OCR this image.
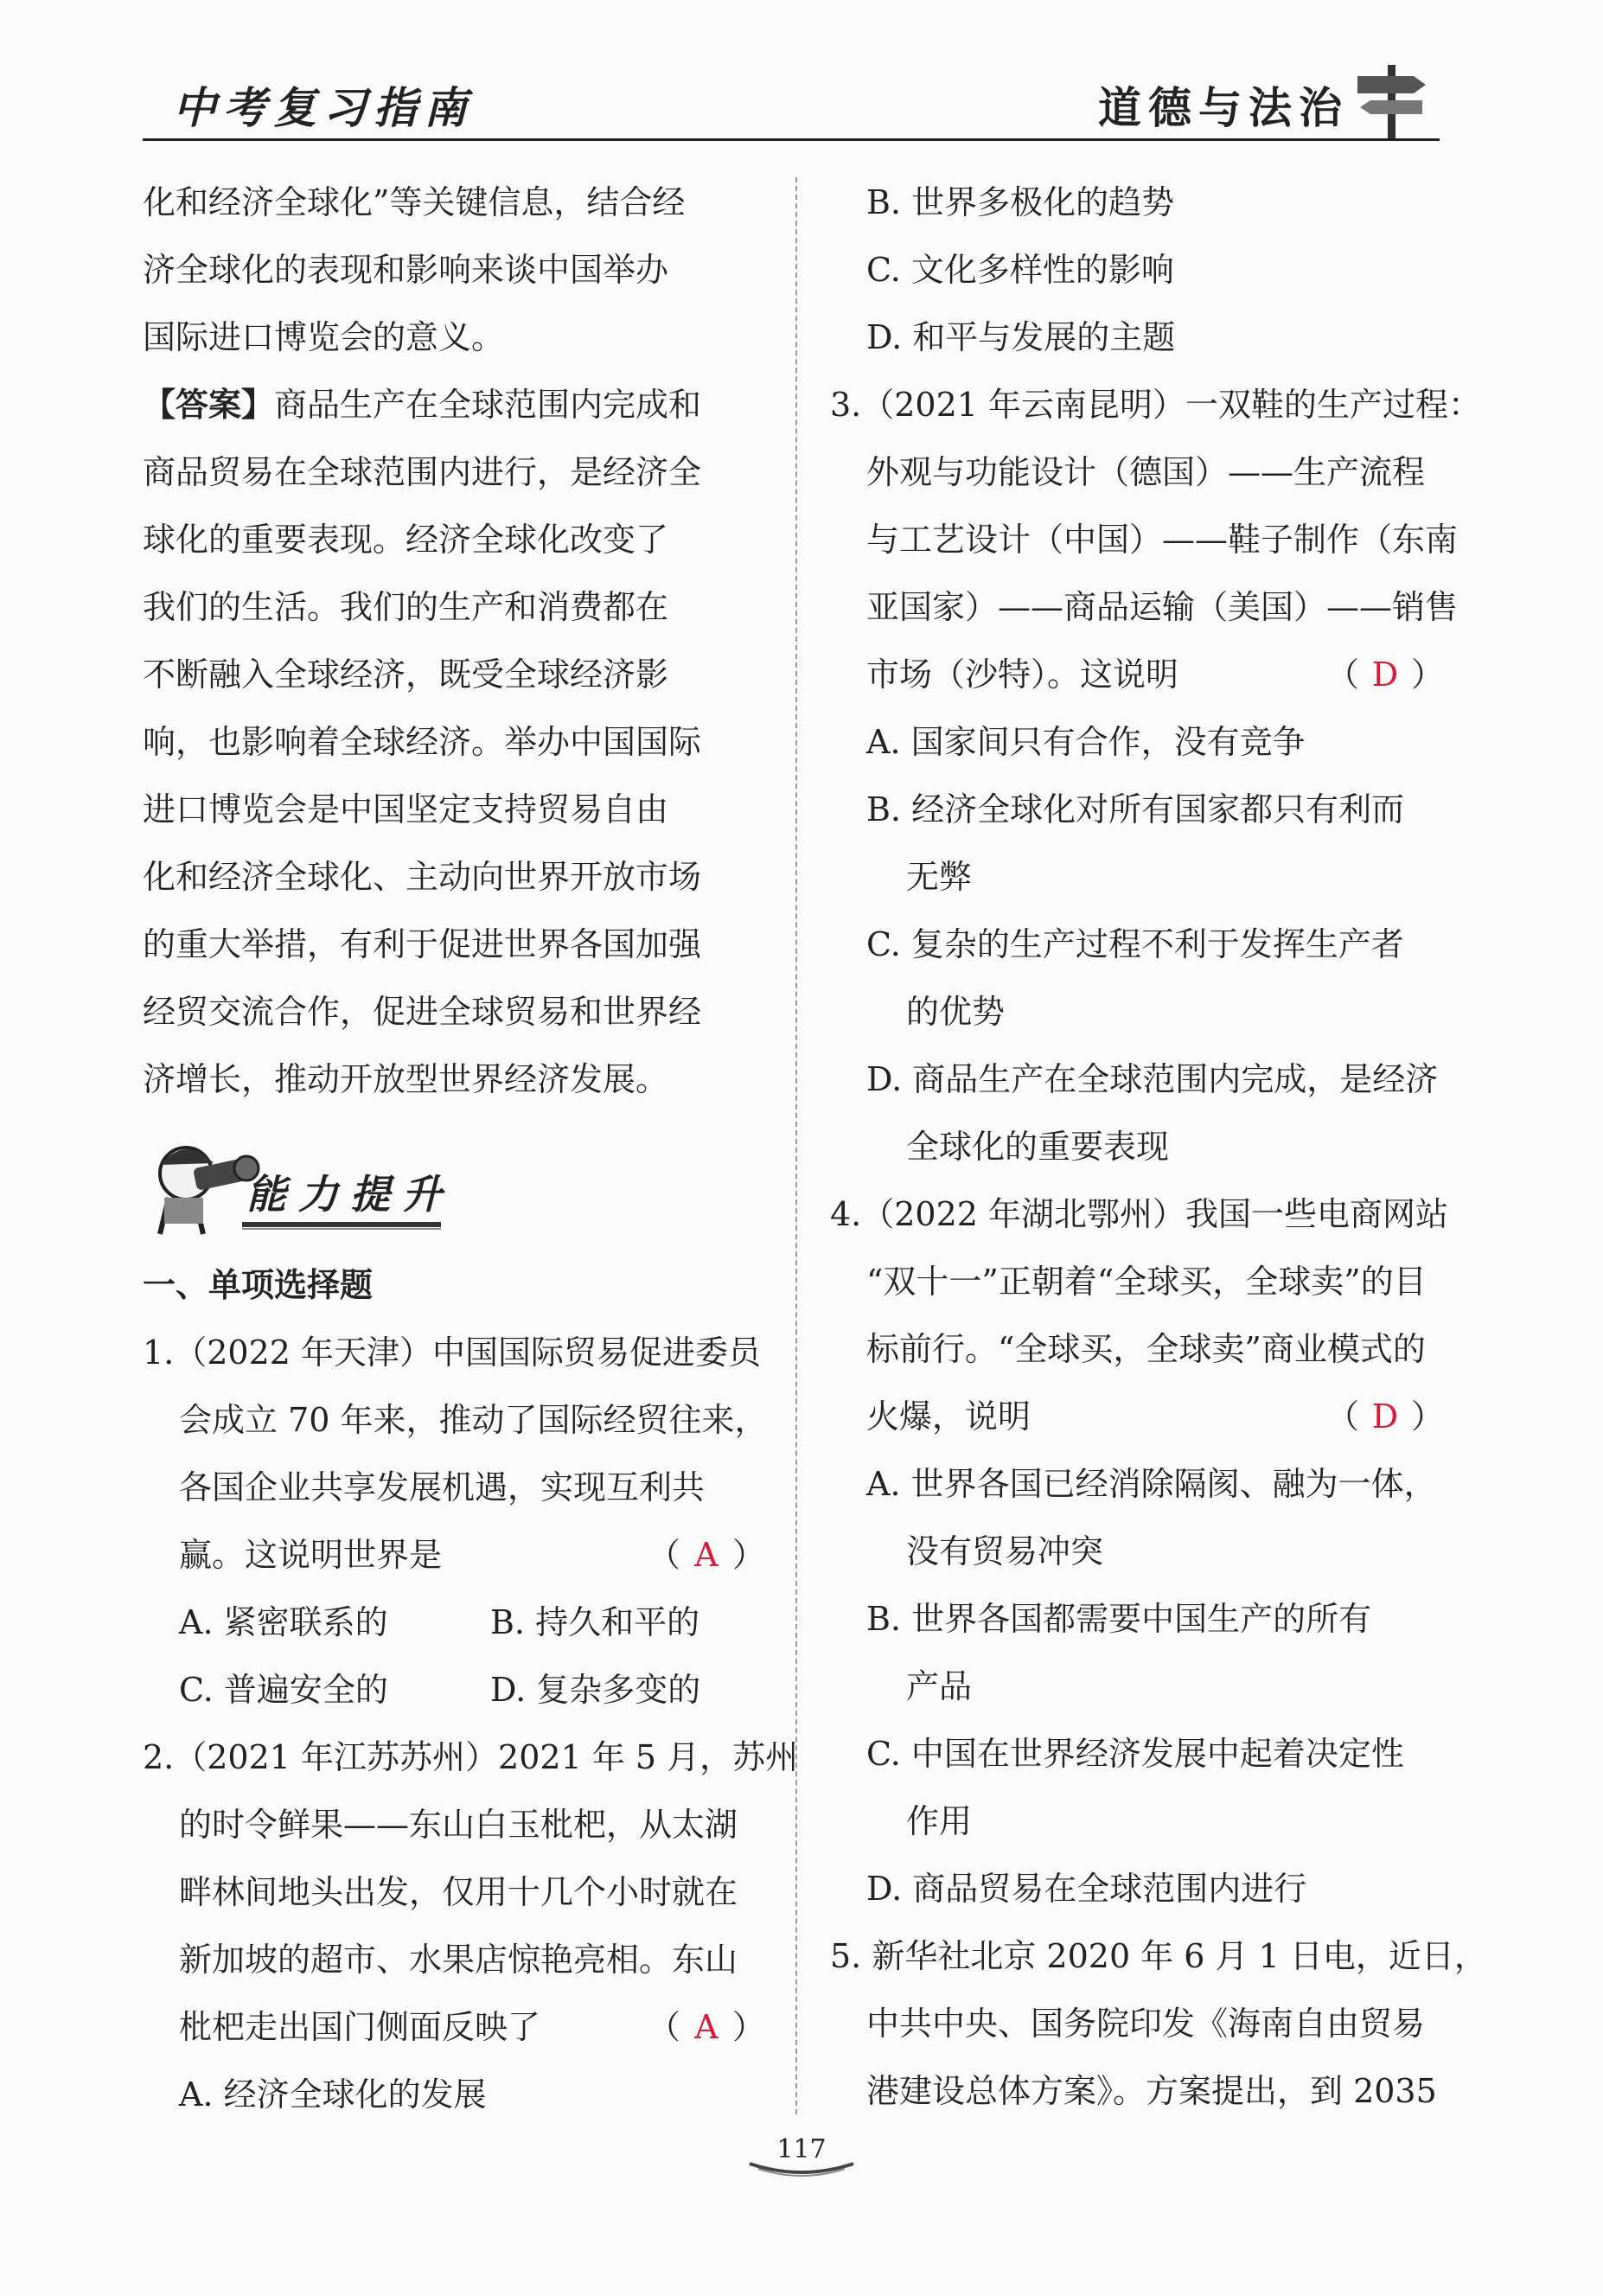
中考复习指南	道德与法治
化和经济全球化”等关键信息，结合经
济全球化的表现和影响来谈中国举办
国际进口博览会的意义。
【答案】商品生产在全球范围内完成和
商品贸易在全球范围内进行，是经济全
球化的重要表现。经济全球化改变了
我们的生活。我们的生产和消费都在
不断融入全球经济，既受全球经济影
响，也影响着全球经济。举办中国国际
进口博览会是中国坚定支持贸易自由
化和经济全球化、主动向世界开放市场
的重大举措，有利于促进世界各国加强
经贸交流合作，促进全球贸易和世界经
济增长，推动开放型世界经济发展。
能力提升
一、单项选择题
1.（2022 年天津）中国国际贸易促进委员
会成立 70 年来，推动了国际经贸往来，
各国企业共享发展机遇，实现互利共
赢。这说明世界是	（ A ）
A. 紧密联系的	B. 持久和平的
C. 普遍安全的	D. 复杂多变的
2.（2021 年江苏苏州）2021 年 5 月，苏州
的时令鲜果——东山白玉枇杷，从太湖
畔林间地头出发，仅用十几个小时就在
新加坡的超市、水果店惊艳亮相。东山
枇杷走出国门侧面反映了	（ A ）
A. 经济全球化的发展
B. 世界多极化的趋势
C. 文化多样性的影响
D. 和平与发展的主题
3.（2021 年云南昆明）一双鞋的生产过程：
外观与功能设计（德国）——生产流程
与工艺设计（中国）——鞋子制作（东南
亚国家）——商品运输（美国）——销售
市场（沙特）。这说明	（ D ）
A. 国家间只有合作，没有竞争
B. 经济全球化对所有国家都只有利而
无弊
C. 复杂的生产过程不利于发挥生产者
的优势
D. 商品生产在全球范围内完成，是经济
全球化的重要表现
4.（2022 年湖北鄂州）我国一些电商网站
“双十一”正朝着“全球买，全球卖”的目
标前行。“全球买，全球卖”商业模式的
火爆，说明	（ D ）
A. 世界各国已经消除隔阂、融为一体，
没有贸易冲突
B. 世界各国都需要中国生产的所有
产品
C. 中国在世界经济发展中起着决定性
作用
D. 商品贸易在全球范围内进行
5. 新华社北京 2020 年 6 月 1 日电，近日，
中共中央、国务院印发《海南自由贸易
港建设总体方案》。方案提出，到 2035
117
